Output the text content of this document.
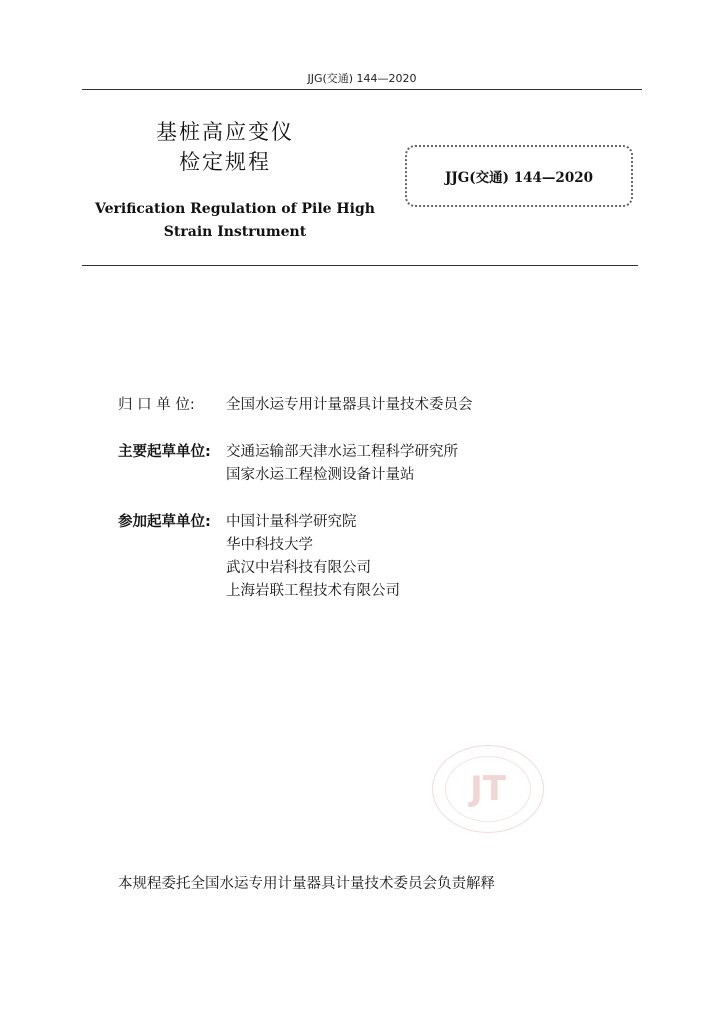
JJG(交通) 144—2020
基桩高应变仪
检定规程
Verification Regulation of Pile High
Strain Instrument
JJG(交通) 144—2020
归 口 单 位: 全国水运专用计量器具计量技术委员会
主要起草单位: 交通运输部天津水运工程科学研究所
国家水运工程检测设备计量站
参加起草单位: 中国计量科学研究院
华中科技大学
武汉中岩科技有限公司
上海岩联工程技术有限公司
JT
本规程委托全国水运专用计量器具计量技术委员会负责解释
